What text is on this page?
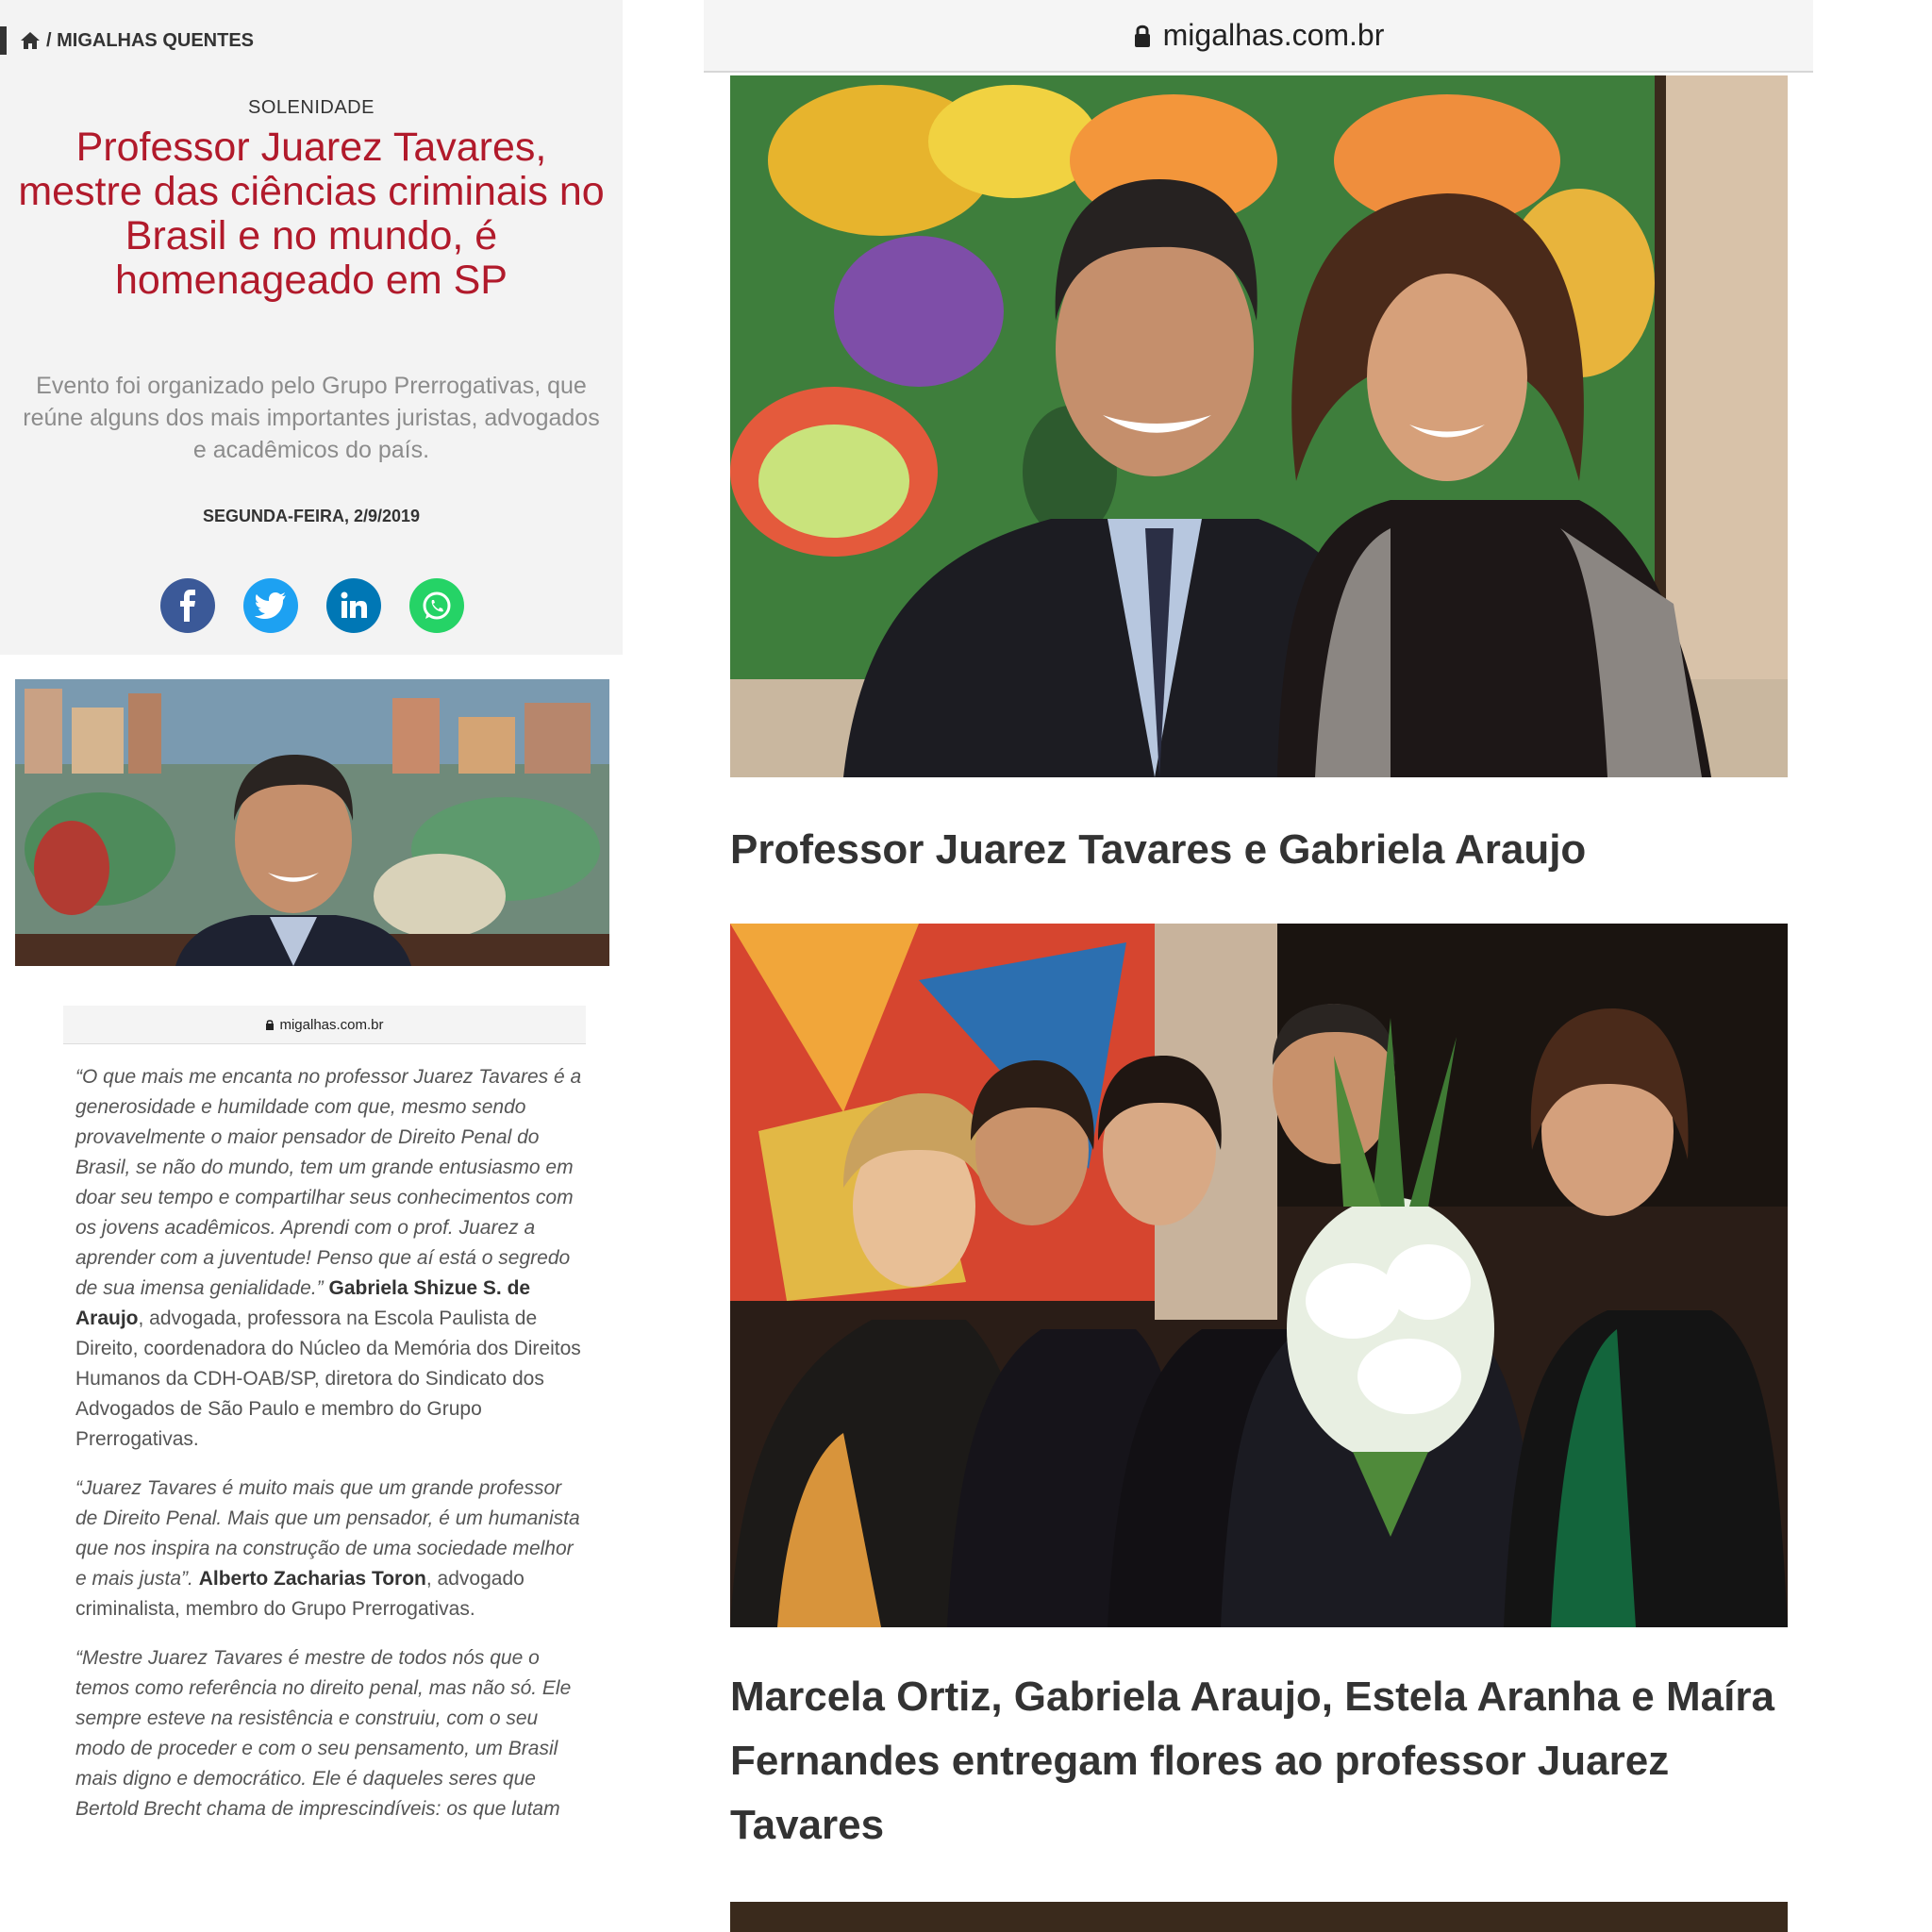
/ MIGALHAS QUENTES
SOLENIDADE
Professor Juarez Tavares, mestre das ciências criminais no Brasil e no mundo, é homenageado em SP
Evento foi organizado pelo Grupo Prerrogativas, que reúne alguns dos mais importantes juristas, advogados e acadêmicos do país.
SEGUNDA-FEIRA, 2/9/2019
migalhas.com.br

“O que mais me encanta no professor Juarez Tavares é a generosidade e humildade com que, mesmo sendo provavelmente o maior pensador de Direito Penal do Brasil, se não do mundo, tem um grande entusiasmo em doar seu tempo e compartilhar seus conhecimentos com os jovens acadêmicos. Aprendi com o prof. Juarez a aprender com a juventude! Penso que aí está o segredo de sua imensa genialidade.” Gabriela Shizue S. de Araujo, advogada, professora na Escola Paulista de Direito, coordenadora do Núcleo da Memória dos Direitos Humanos da CDH-OAB/SP, diretora do Sindicato dos Advogados de São Paulo e membro do Grupo Prerrogativas.

“Juarez Tavares é muito mais que um grande professor de Direito Penal. Mais que um pensador, é um humanista que nos inspira na construção de uma sociedade melhor e mais justa”. Alberto Zacharias Toron, advogado criminalista, membro do Grupo Prerrogativas.

“Mestre Juarez Tavares é mestre de todos nós que o temos como referência no direito penal, mas não só. Ele sempre esteve na resistência e construiu, com o seu modo de proceder e com o seu pensamento, um Brasil mais digno e democrático. Ele é daqueles seres que Bertold Brecht chama de imprescindíveis: os que lutam

migalhas.com.br
Professor Juarez Tavares e Gabriela Araujo
Marcela Ortiz, Gabriela Araujo, Estela Aranha e Maíra Fernandes entregam flores ao professor Juarez Tavares
